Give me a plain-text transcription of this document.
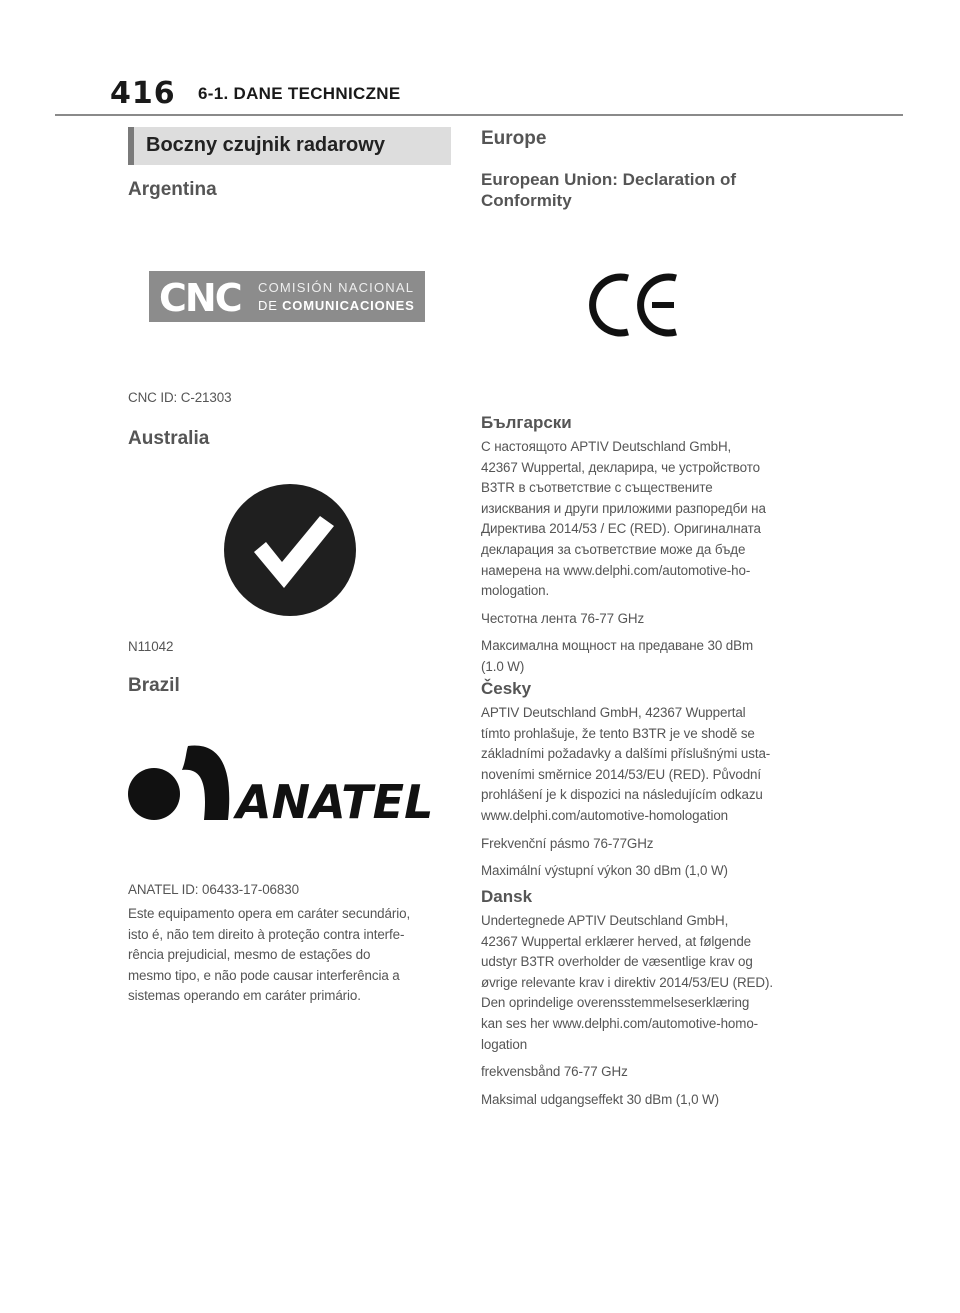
416 6-1. DANE TECHNICZNE
Boczny czujnik radarowy
Argentina
CNC COMISIÓN NACIONAL
DE COMUNICACIONES
CNC ID: C-21303
Australia
N11042
Brazil
ANATEL
ANATEL ID: 06433-17-06830
Este equipamento opera em caráter secundário,
isto é, não tem direito à proteção contra interfe-
rência prejudicial, mesmo de estações do
mesmo tipo, e não pode causar interferência a
sistemas operando em caráter primário.
Europe
European Union: Declaration of
Conformity
Български
С настоящото APTIV Deutschland GmbH,
42367 Wuppertal, декларира, че устройството
B3TR в съответствие с съществените
изисквания и други приложими разпоредби на
Директива 2014/53 / EC (RED). Оригиналната
декларация за съответствие може да бъде
намерена на www.delphi.com/automotive-ho-
mologation.
Честотна лента 76-77 GHz
Максимална мощност на предаване 30 dBm
(1.0 W)
Česky
APTIV Deutschland GmbH, 42367 Wuppertal
tímto prohlašuje, že tento B3TR je ve shodě se
základními požadavky a dalšími příslušnými usta-
noveními směrnice 2014/53/EU (RED). Původní
prohlášení je k dispozici na následujícím odkazu
www.delphi.com/automotive-homologation
Frekvenční pásmo 76-77GHz
Maximální výstupní výkon 30 dBm (1,0 W)
Dansk
Undertegnede APTIV Deutschland GmbH,
42367 Wuppertal erklærer herved, at følgende
udstyr B3TR overholder de væsentlige krav og
øvrige relevante krav i direktiv 2014/53/EU (RED).
Den oprindelige overensstemmelseserklæring
kan ses her www.delphi.com/automotive-homo-
logation
frekvensbånd 76-77 GHz
Maksimal udgangseffekt 30 dBm (1,0 W)
